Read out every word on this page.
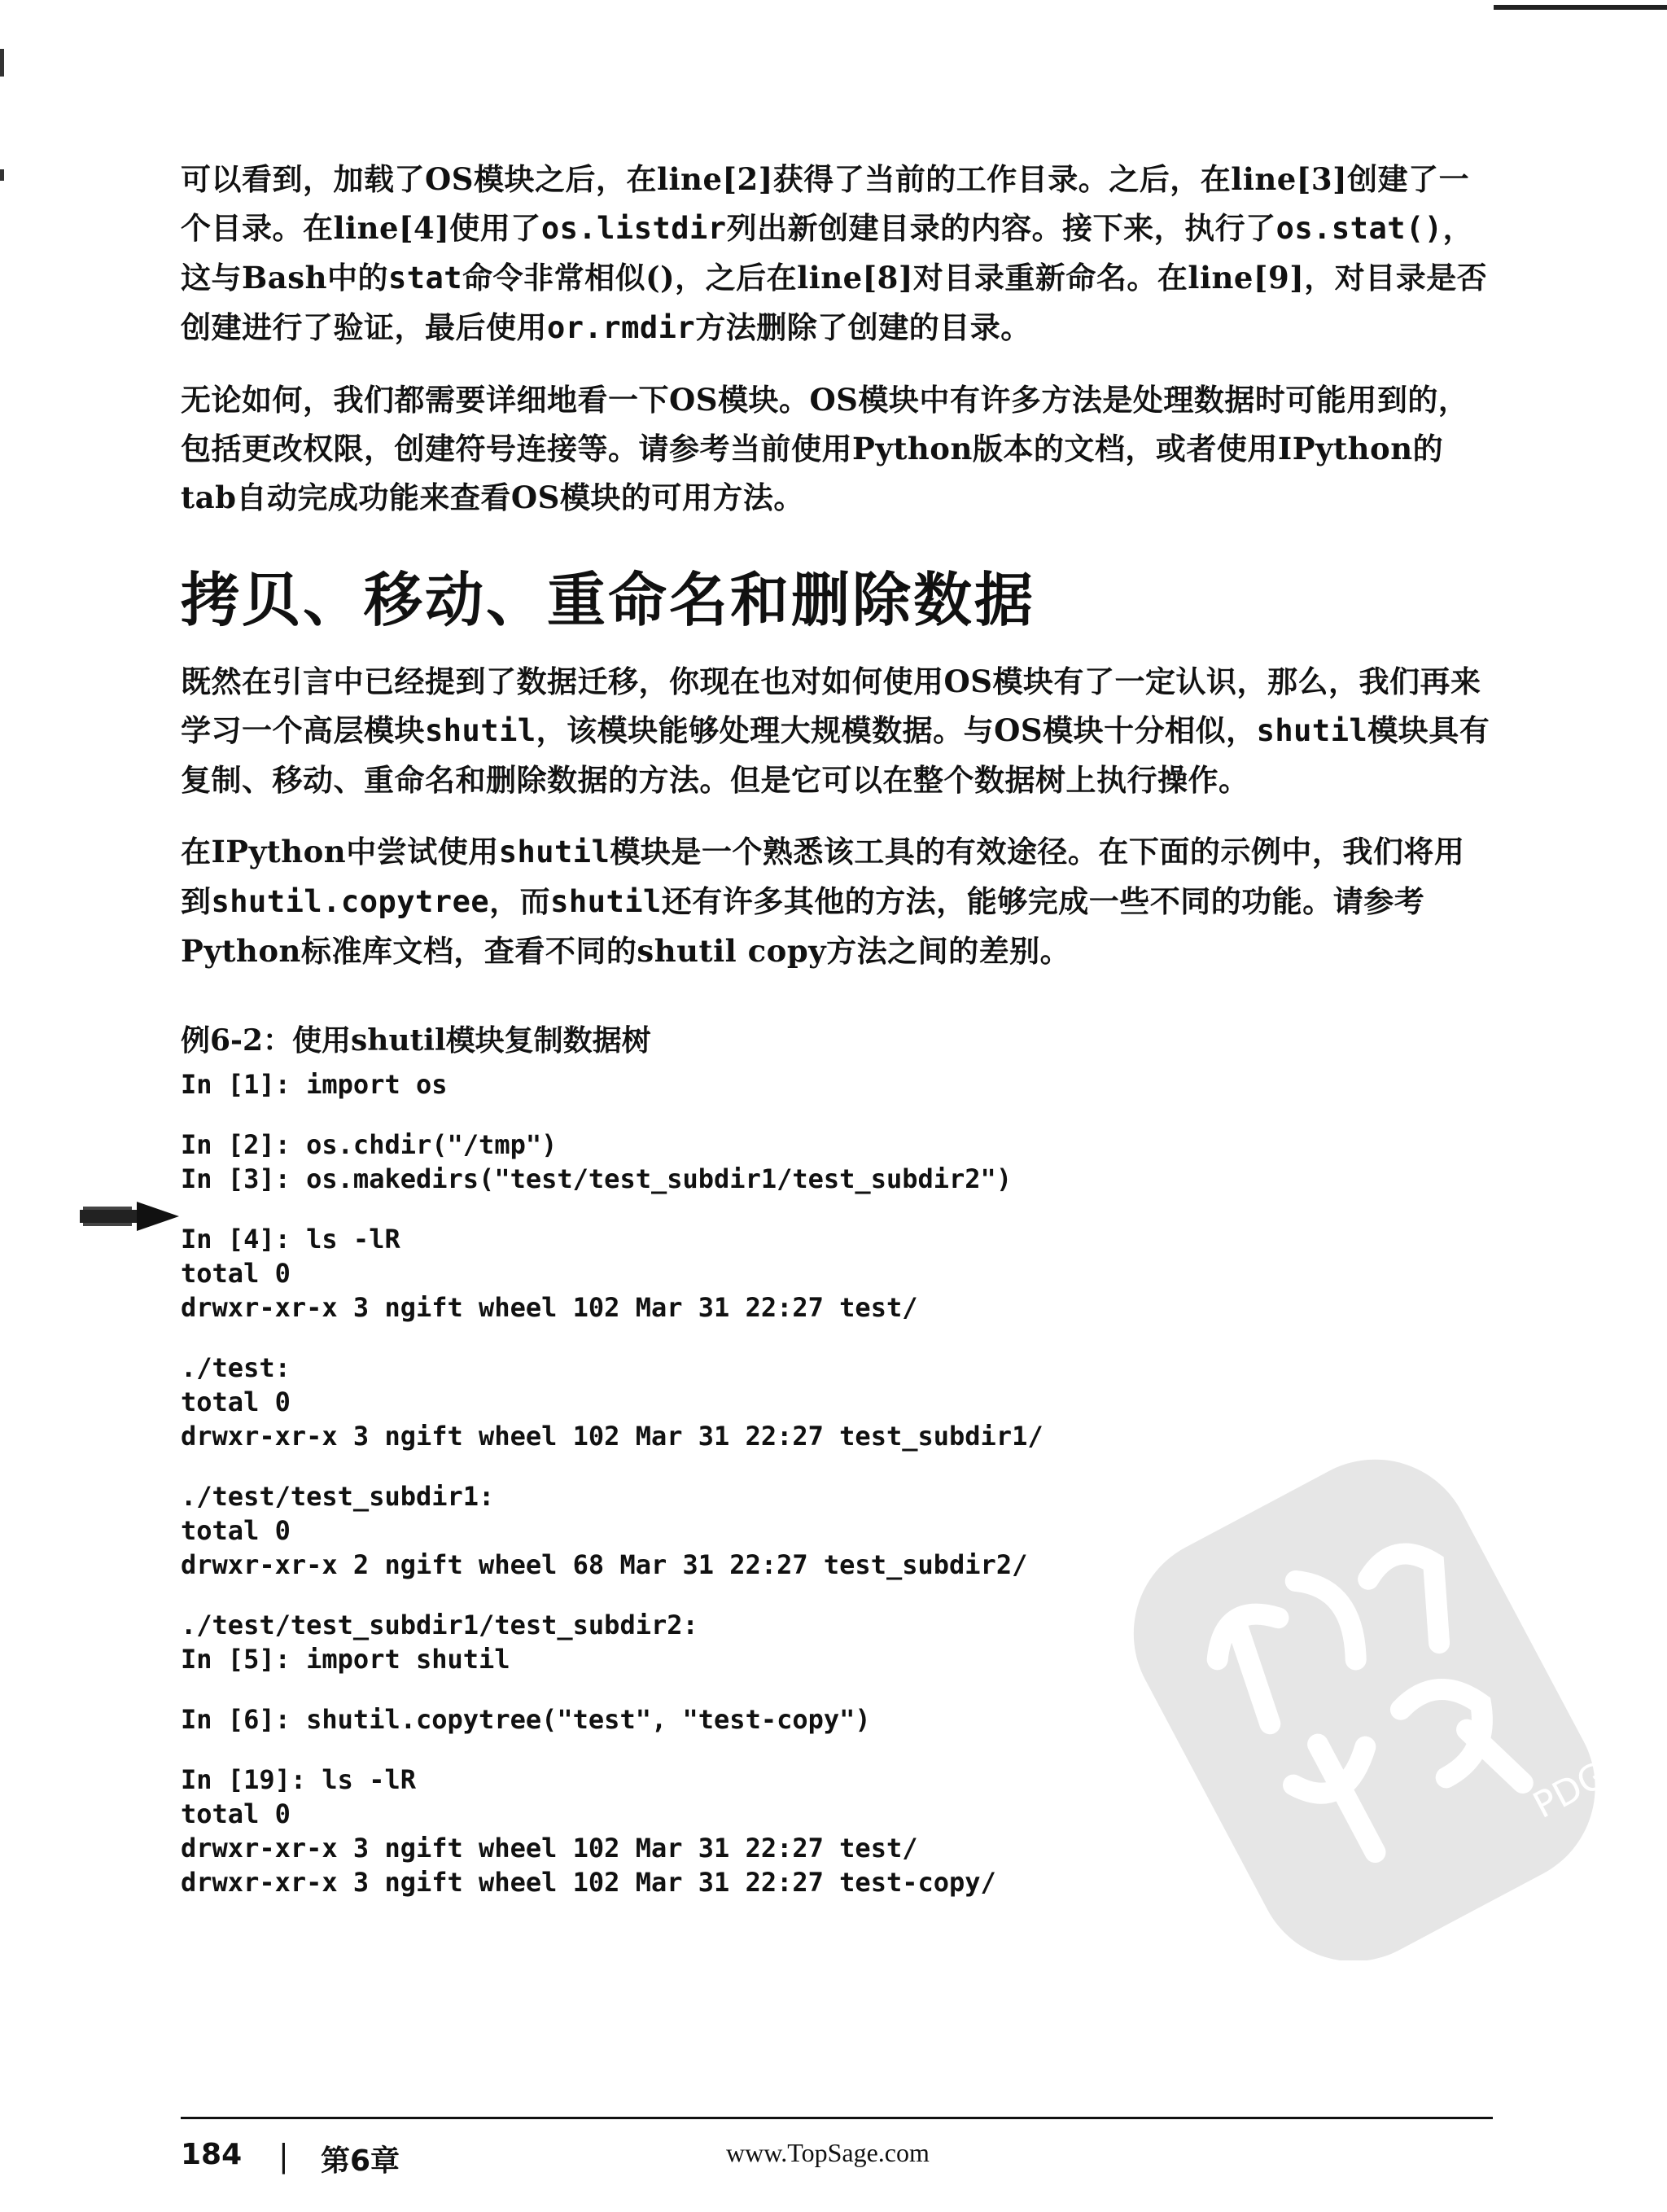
可以看到，加载了OS模块之后，在line[2]获得了当前的工作目录。之后，在line[3]创建了一个目录。在line[4]使用了os.listdir列出新创建目录的内容。接下来，执行了os.stat()，这与Bash中的stat命令非常相似()，之后在line[8]对目录重新命名。在line[9]，对目录是否创建进行了验证，最后使用or.rmdir方法删除了创建的目录。

无论如何，我们都需要详细地看一下OS模块。OS模块中有许多方法是处理数据时可能用到的，包括更改权限，创建符号连接等。请参考当前使用Python版本的文档，或者使用IPython的tab自动完成功能来查看OS模块的可用方法。

拷贝、移动、重命名和删除数据

既然在引言中已经提到了数据迁移，你现在也对如何使用OS模块有了一定认识，那么，我们再来学习一个高层模块shutil，该模块能够处理大规模数据。与OS模块十分相似，shutil模块具有复制、移动、重命名和删除数据的方法。但是它可以在整个数据树上执行操作。

在IPython中尝试使用shutil模块是一个熟悉该工具的有效途径。在下面的示例中，我们将用到shutil.copytree，而shutil还有许多其他的方法，能够完成一些不同的功能。请参考Python标准库文档，查看不同的shutil copy方法之间的差别。

例6-2：使用shutil模块复制数据树
In [1]: import os
In [2]: os.chdir("/tmp")
In [3]: os.makedirs("test/test_subdir1/test_subdir2")
In [4]: ls -lR
total 0
drwxr-xr-x 3 ngift wheel 102 Mar 31 22:27 test/
./test:
total 0
drwxr-xr-x 3 ngift wheel 102 Mar 31 22:27 test_subdir1/
./test/test_subdir1:
total 0
drwxr-xr-x 2 ngift wheel 68 Mar 31 22:27 test_subdir2/
./test/test_subdir1/test_subdir2:
In [5]: import shutil
In [6]: shutil.copytree("test", "test-copy")
In [19]: ls -lR
total 0
drwxr-xr-x 3 ngift wheel 102 Mar 31 22:27 test/
drwxr-xr-x 3 ngift wheel 102 Mar 31 22:27 test-copy/
PDG
184 | 第6章	www.TopSage.com
